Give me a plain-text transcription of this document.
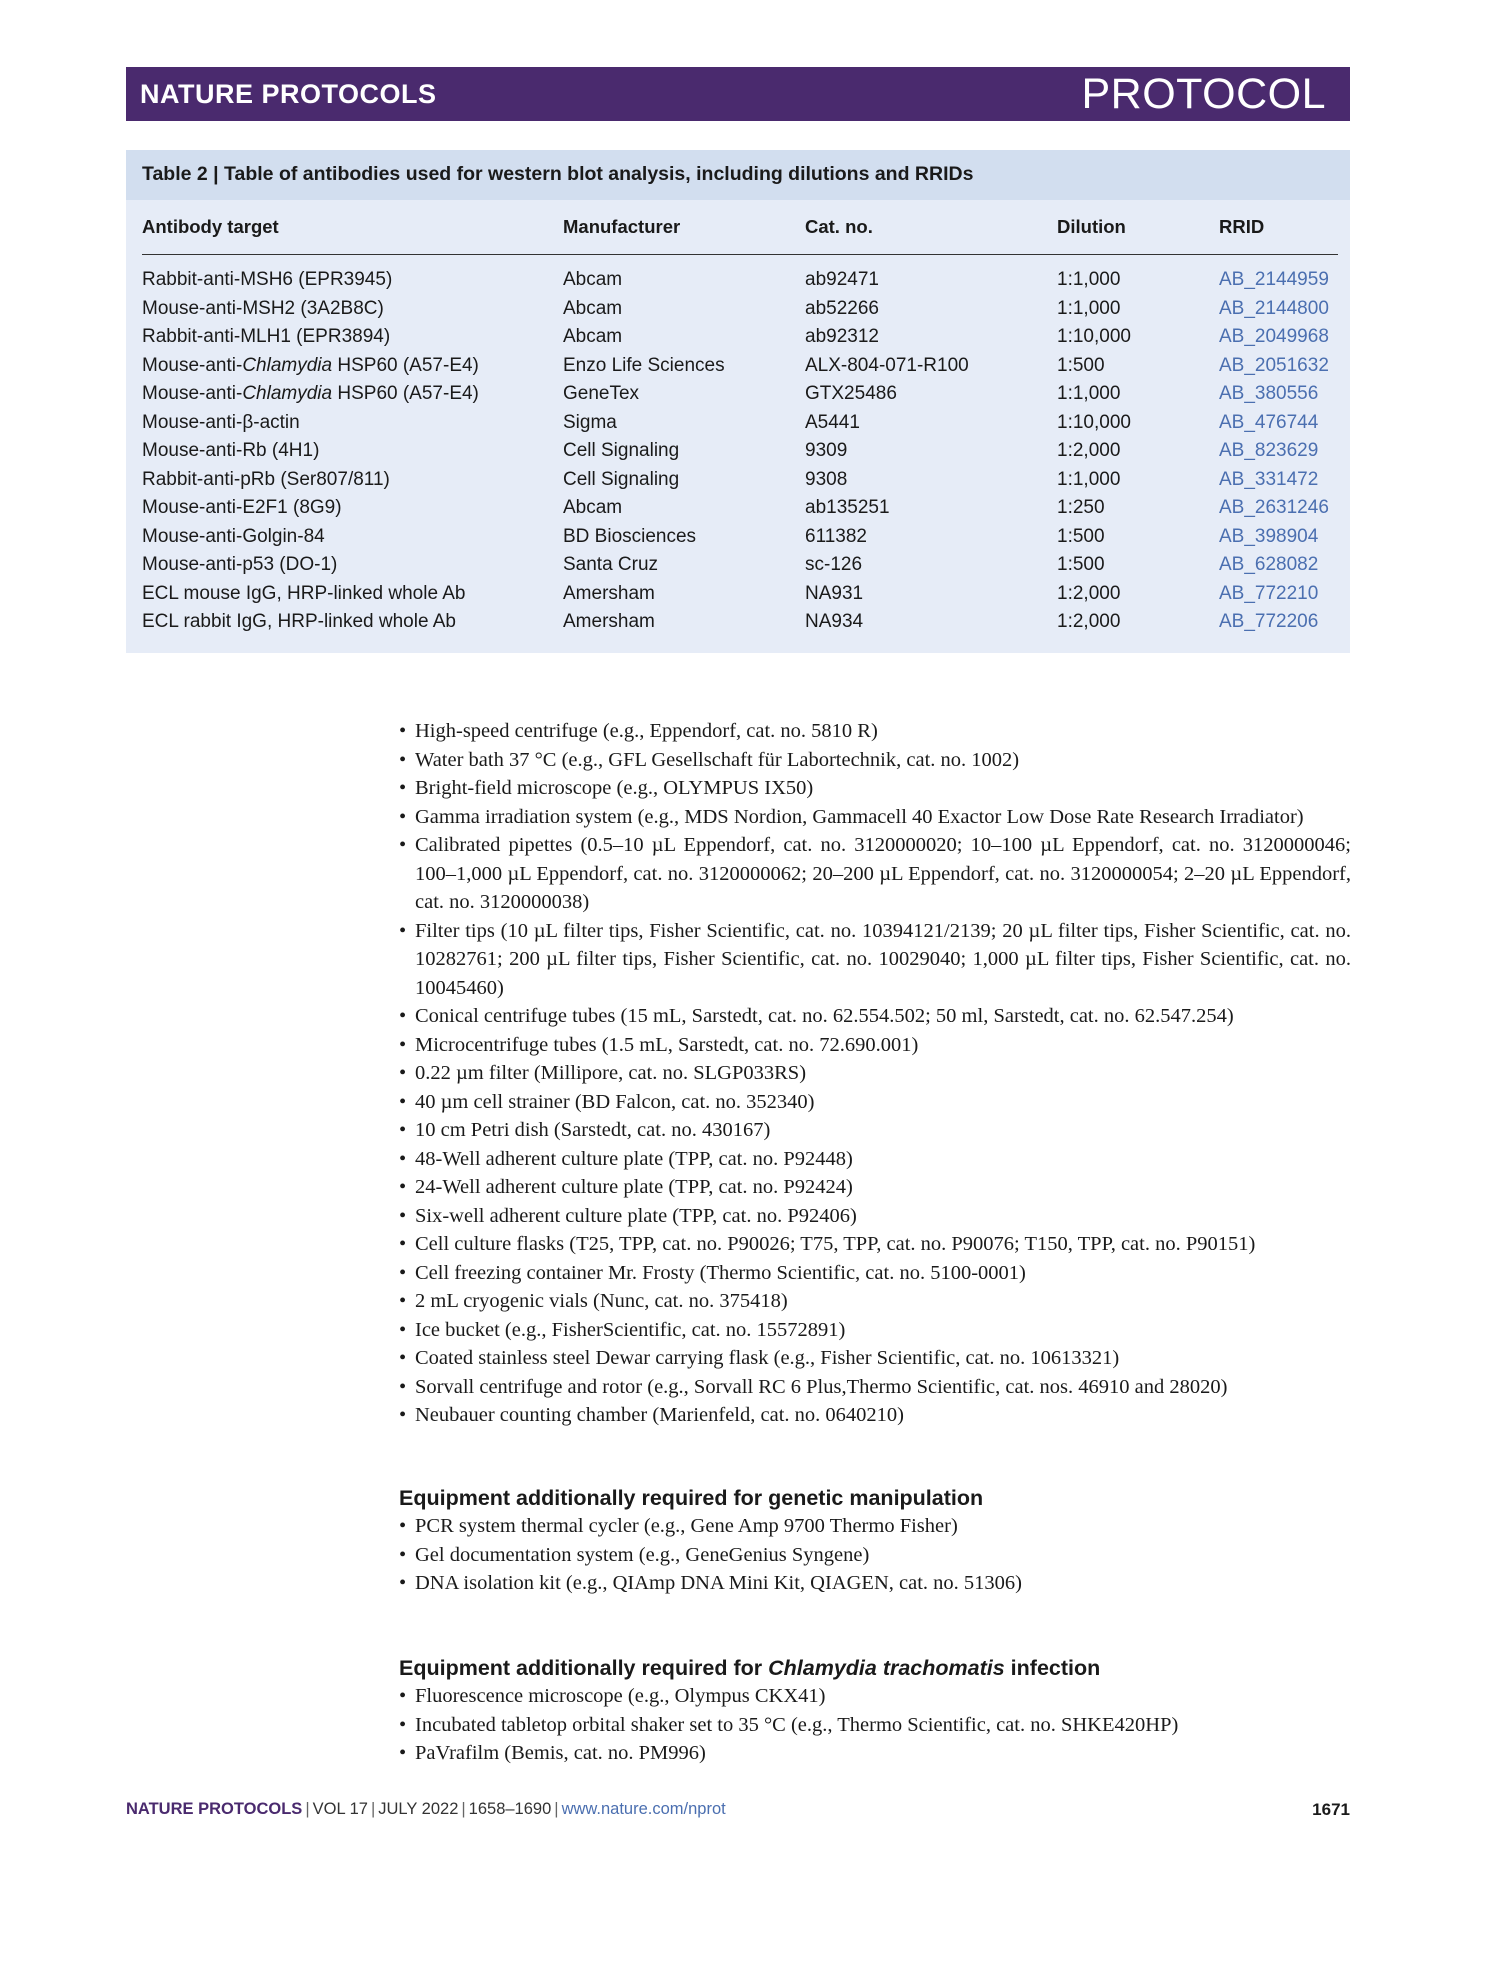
NATURE PROTOCOLS	PROTOCOL
Table 2 | Table of antibodies used for western blot analysis, including dilutions and RRIDs
Antibody target	Manufacturer	Cat. no.	Dilution	RRID

Rabbit-anti-MSH6 (EPR3945)	Abcam	ab92471	1:1,000	AB_2144959
Mouse-anti-MSH2 (3A2B8C)	Abcam	ab52266	1:1,000	AB_2144800
Rabbit-anti-MLH1 (EPR3894)	Abcam	ab92312	1:10,000	AB_2049968
Mouse-anti-Chlamydia HSP60 (A57-E4)	Enzo Life Sciences	ALX-804-071-R100	1:500	AB_2051632
Mouse-anti-Chlamydia HSP60 (A57-E4)	GeneTex	GTX25486	1:1,000	AB_380556
Mouse-anti-β-actin	Sigma	A5441	1:10,000	AB_476744
Mouse-anti-Rb (4H1)	Cell Signaling	9309	1:2,000	AB_823629
Rabbit-anti-pRb (Ser807/811)	Cell Signaling	9308	1:1,000	AB_331472
Mouse-anti-E2F1 (8G9)	Abcam	ab135251	1:250	AB_2631246
Mouse-anti-Golgin-84	BD Biosciences	611382	1:500	AB_398904
Mouse-anti-p53 (DO-1)	Santa Cruz	sc-126	1:500	AB_628082
ECL mouse IgG, HRP-linked whole Ab	Amersham	NA931	1:2,000	AB_772210
ECL rabbit IgG, HRP-linked whole Ab	Amersham	NA934	1:2,000	AB_772206
• High-speed centrifuge (e.g., Eppendorf, cat. no. 5810 R)
• Water bath 37 °C (e.g., GFL Gesellschaft für Labortechnik, cat. no. 1002)
• Bright-field microscope (e.g., OLYMPUS IX50)
• Gamma irradiation system (e.g., MDS Nordion, Gammacell 40 Exactor Low Dose Rate Research Irradiator)
• Calibrated pipettes (0.5–10 µL Eppendorf, cat. no. 3120000020; 10–100 µL Eppendorf, cat. no. 3120000046; 100–1,000 µL Eppendorf, cat. no. 3120000062; 20–200 µL Eppendorf, cat. no. 3120000054; 2–20 µL Eppendorf, cat. no. 3120000038)
• Filter tips (10 µL filter tips, Fisher Scientific, cat. no. 10394121/2139; 20 µL filter tips, Fisher Scientific, cat. no. 10282761; 200 µL filter tips, Fisher Scientific, cat. no. 10029040; 1,000 µL filter tips, Fisher Scientific, cat. no. 10045460)
• Conical centrifuge tubes (15 mL, Sarstedt, cat. no. 62.554.502; 50 ml, Sarstedt, cat. no. 62.547.254)
• Microcentrifuge tubes (1.5 mL, Sarstedt, cat. no. 72.690.001)
• 0.22 µm filter (Millipore, cat. no. SLGP033RS)
• 40 µm cell strainer (BD Falcon, cat. no. 352340)
• 10 cm Petri dish (Sarstedt, cat. no. 430167)
• 48-Well adherent culture plate (TPP, cat. no. P92448)
• 24-Well adherent culture plate (TPP, cat. no. P92424)
• Six-well adherent culture plate (TPP, cat. no. P92406)
• Cell culture flasks (T25, TPP, cat. no. P90026; T75, TPP, cat. no. P90076; T150, TPP, cat. no. P90151)
• Cell freezing container Mr. Frosty (Thermo Scientific, cat. no. 5100-0001)
• 2 mL cryogenic vials (Nunc, cat. no. 375418)
• Ice bucket (e.g., FisherScientific, cat. no. 15572891)
• Coated stainless steel Dewar carrying flask (e.g., Fisher Scientific, cat. no. 10613321)
• Sorvall centrifuge and rotor (e.g., Sorvall RC 6 Plus,Thermo Scientific, cat. nos. 46910 and 28020)
• Neubauer counting chamber (Marienfeld, cat. no. 0640210)
Equipment additionally required for genetic manipulation
• PCR system thermal cycler (e.g., Gene Amp 9700 Thermo Fisher)
• Gel documentation system (e.g., GeneGenius Syngene)
• DNA isolation kit (e.g., QIAmp DNA Mini Kit, QIAGEN, cat. no. 51306)
Equipment additionally required for Chlamydia trachomatis infection
• Fluorescence microscope (e.g., Olympus CKX41)
• Incubated tabletop orbital shaker set to 35 °C (e.g., Thermo Scientific, cat. no. SHKE420HP)
• PaVrafilm (Bemis, cat. no. PM996)
NATURE PROTOCOLS | VOL 17 | JULY 2022 | 1658–1690 | www.nature.com/nprot	1671
